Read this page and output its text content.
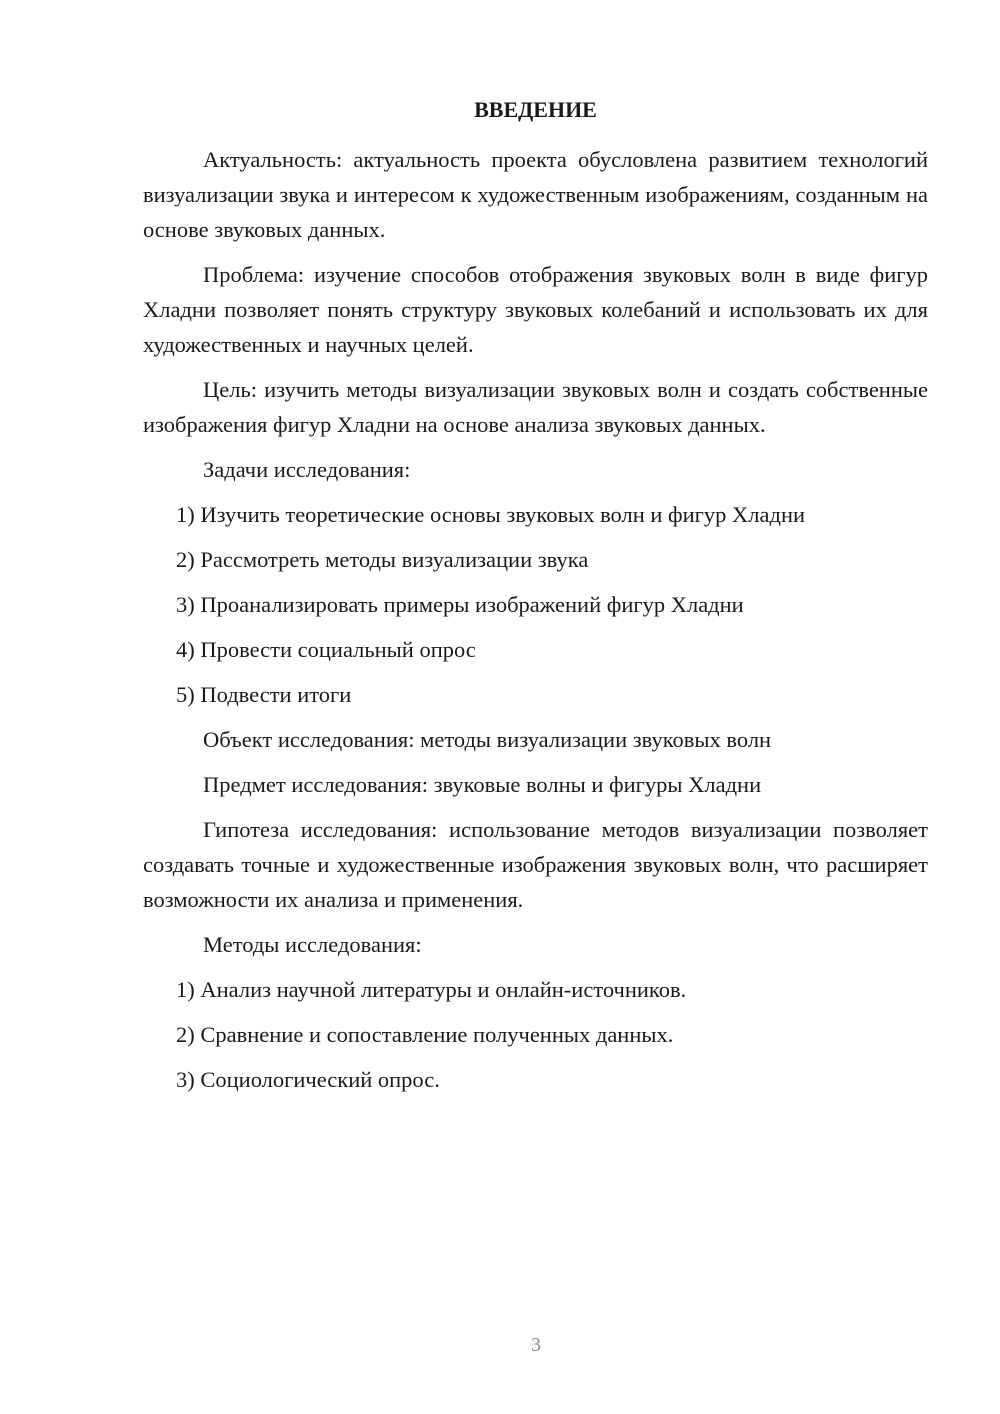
ВВЕДЕНИЕ

Актуальность: актуальность проекта обусловлена развитием технологий визуализации звука и интересом к художественным изображениям, созданным на основе звуковых данных.

Проблема: изучение способов отображения звуковых волн в виде фигур Хладни позволяет понять структуру звуковых колебаний и использовать их для художественных и научных целей.

Цель: изучить методы визуализации звуковых волн и создать собственные изображения фигур Хладни на основе анализа звуковых данных.

Задачи исследования:

1) Изучить теоретические основы звуковых волн и фигур Хладни
2) Рассмотреть методы визуализации звука
3) Проанализировать примеры изображений фигур Хладни
4) Провести социальный опрос
5) Подвести итоги

Объект исследования: методы визуализации звуковых волн

Предмет исследования: звуковые волны и фигуры Хладни

Гипотеза исследования: использование методов визуализации позволяет создавать точные и художественные изображения звуковых волн, что расширяет возможности их анализа и применения.

Методы исследования:

1) Анализ научной литературы и онлайн-источников.
2) Сравнение и сопоставление полученных данных.
3) Социологический опрос.
3
